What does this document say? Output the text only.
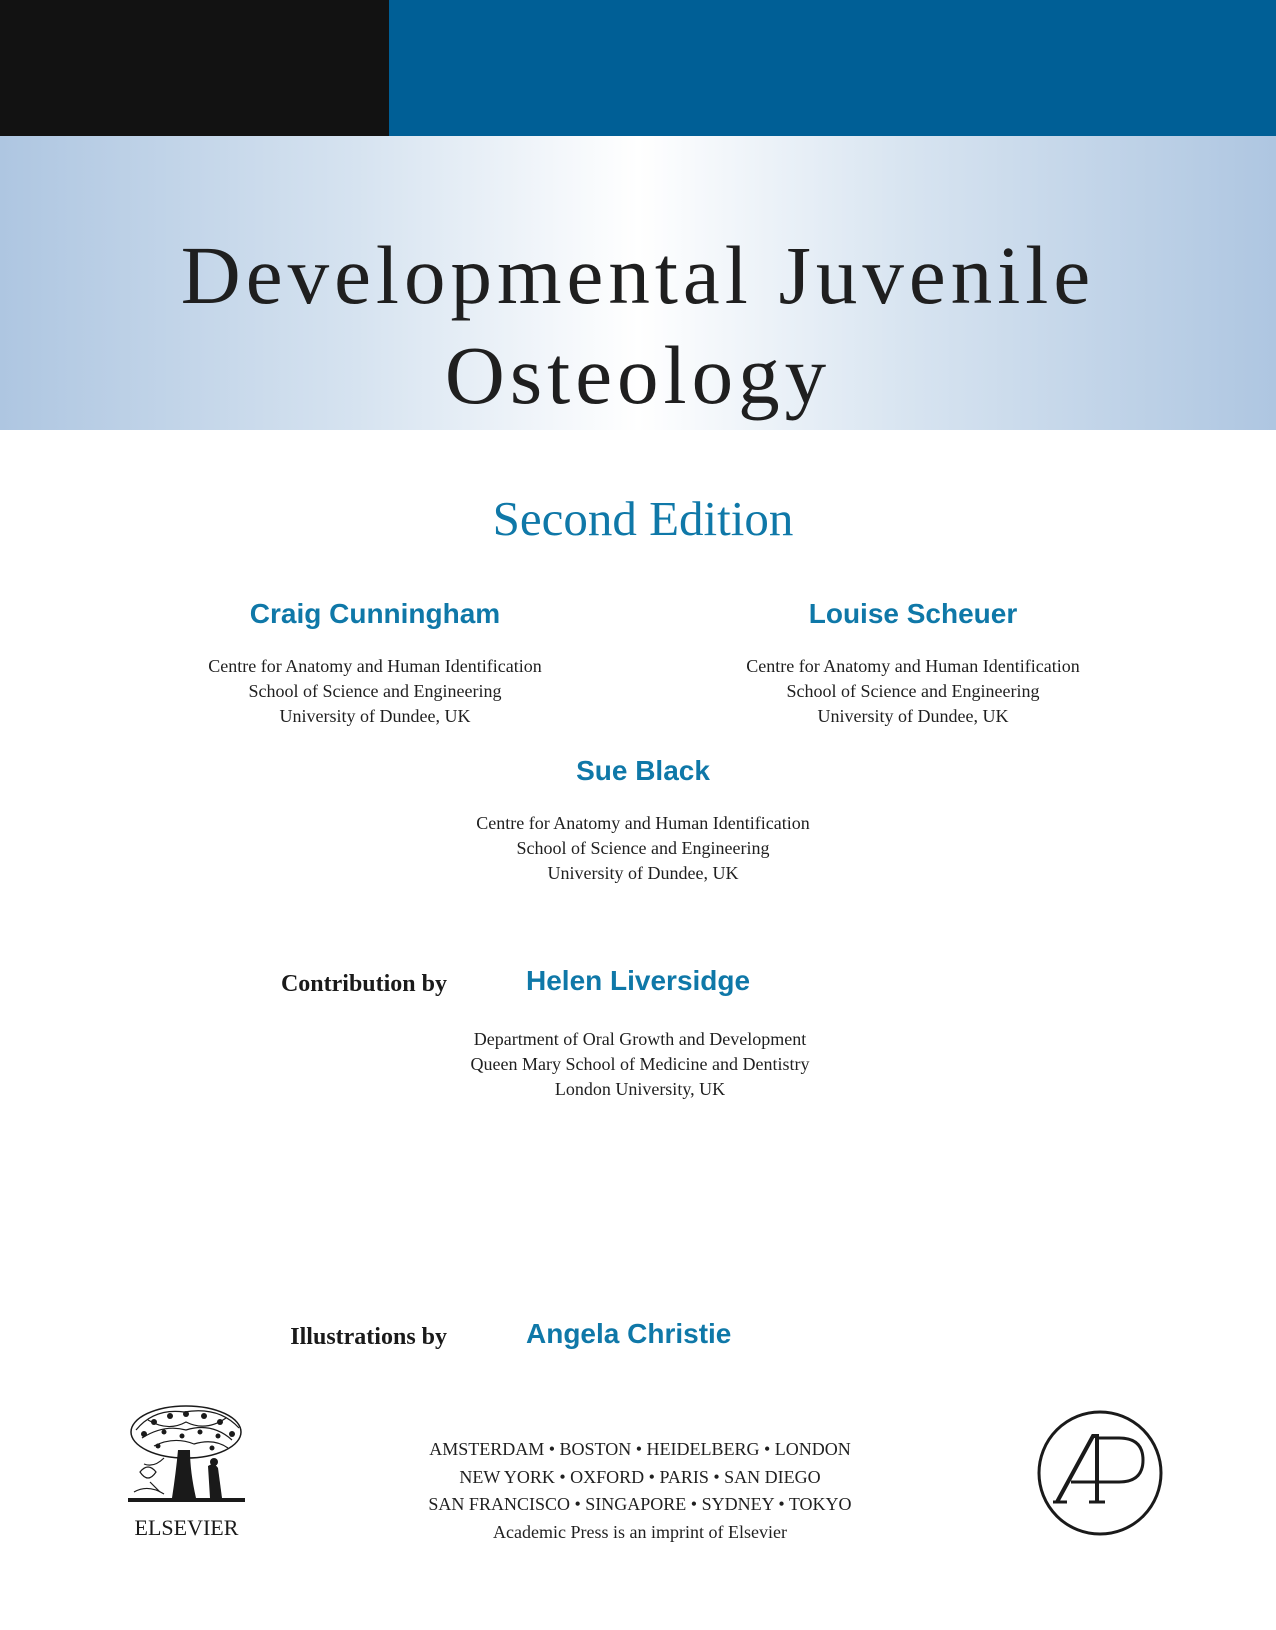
Developmental Juvenile
Osteology
Second Edition
Craig Cunningham
Centre for Anatomy and Human Identification
School of Science and Engineering
University of Dundee, UK
Louise Scheuer
Centre for Anatomy and Human Identification
School of Science and Engineering
University of Dundee, UK
Sue Black
Centre for Anatomy and Human Identification
School of Science and Engineering
University of Dundee, UK
Contribution by	Helen Liversidge
Department of Oral Growth and Development
Queen Mary School of Medicine and Dentistry
London University, UK
Illustrations by	Angela Christie
ELSEVIER
AMSTERDAM • BOSTON • HEIDELBERG • LONDON
NEW YORK • OXFORD • PARIS • SAN DIEGO
SAN FRANCISCO • SINGAPORE • SYDNEY • TOKYO
Academic Press is an imprint of Elsevier
